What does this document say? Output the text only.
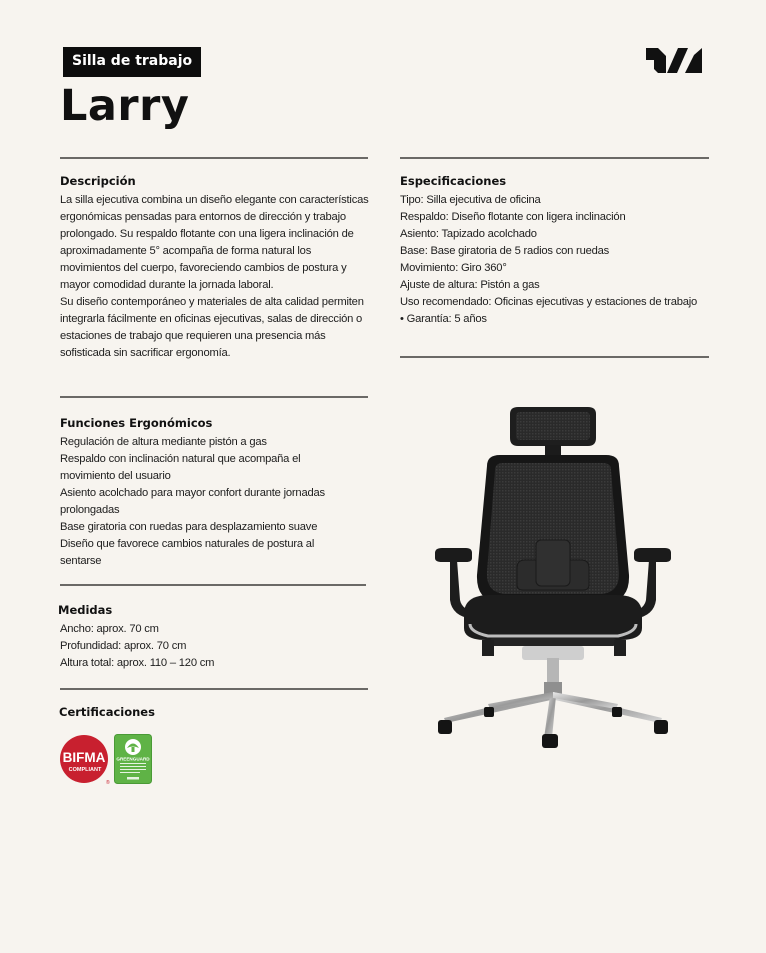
Silla de trabajo
Larry
Descripción

La silla ejecutiva combina un diseño elegante con características ergonómicas pensadas para entornos de dirección y trabajo prolongado. Su respaldo flotante con una ligera inclinación de aproximadamente 5° acompaña de forma natural los movimientos del cuerpo, favoreciendo cambios de postura y mayor comodidad durante la jornada laboral.

Su diseño contemporáneo y materiales de alta calidad permiten integrarla fácilmente en oficinas ejecutivas, salas de dirección o estaciones de trabajo que requieren una presencia más sofisticada sin sacrificar ergonomía.

Especificaciones
Tipo: Silla ejecutiva de oficina
Respaldo: Diseño flotante con ligera inclinación
Asiento: Tapizado acolchado
Base: Base giratoria de 5 radios con ruedas
Movimiento: Giro 360°
Ajuste de altura: Pistón a gas
Uso recomendado: Oficinas ejecutivas y estaciones de trabajo
• Garantía: 5 años
Funciones Ergonómicos
Regulación de altura mediante pistón a gas
Respaldo con inclinación natural que acompaña el movimiento del usuario
Asiento acolchado para mayor confort durante jornadas prolongadas
Base giratoria con ruedas para desplazamiento suave
Diseño que favorece cambios naturales de postura al sentarse
Medidas
Ancho: aprox. 70 cm
Profundidad: aprox. 70 cm
Altura total: aprox. 110 – 120 cm
Certificaciones
BIFMA
COMPLIANT
®
GREENGUARD
